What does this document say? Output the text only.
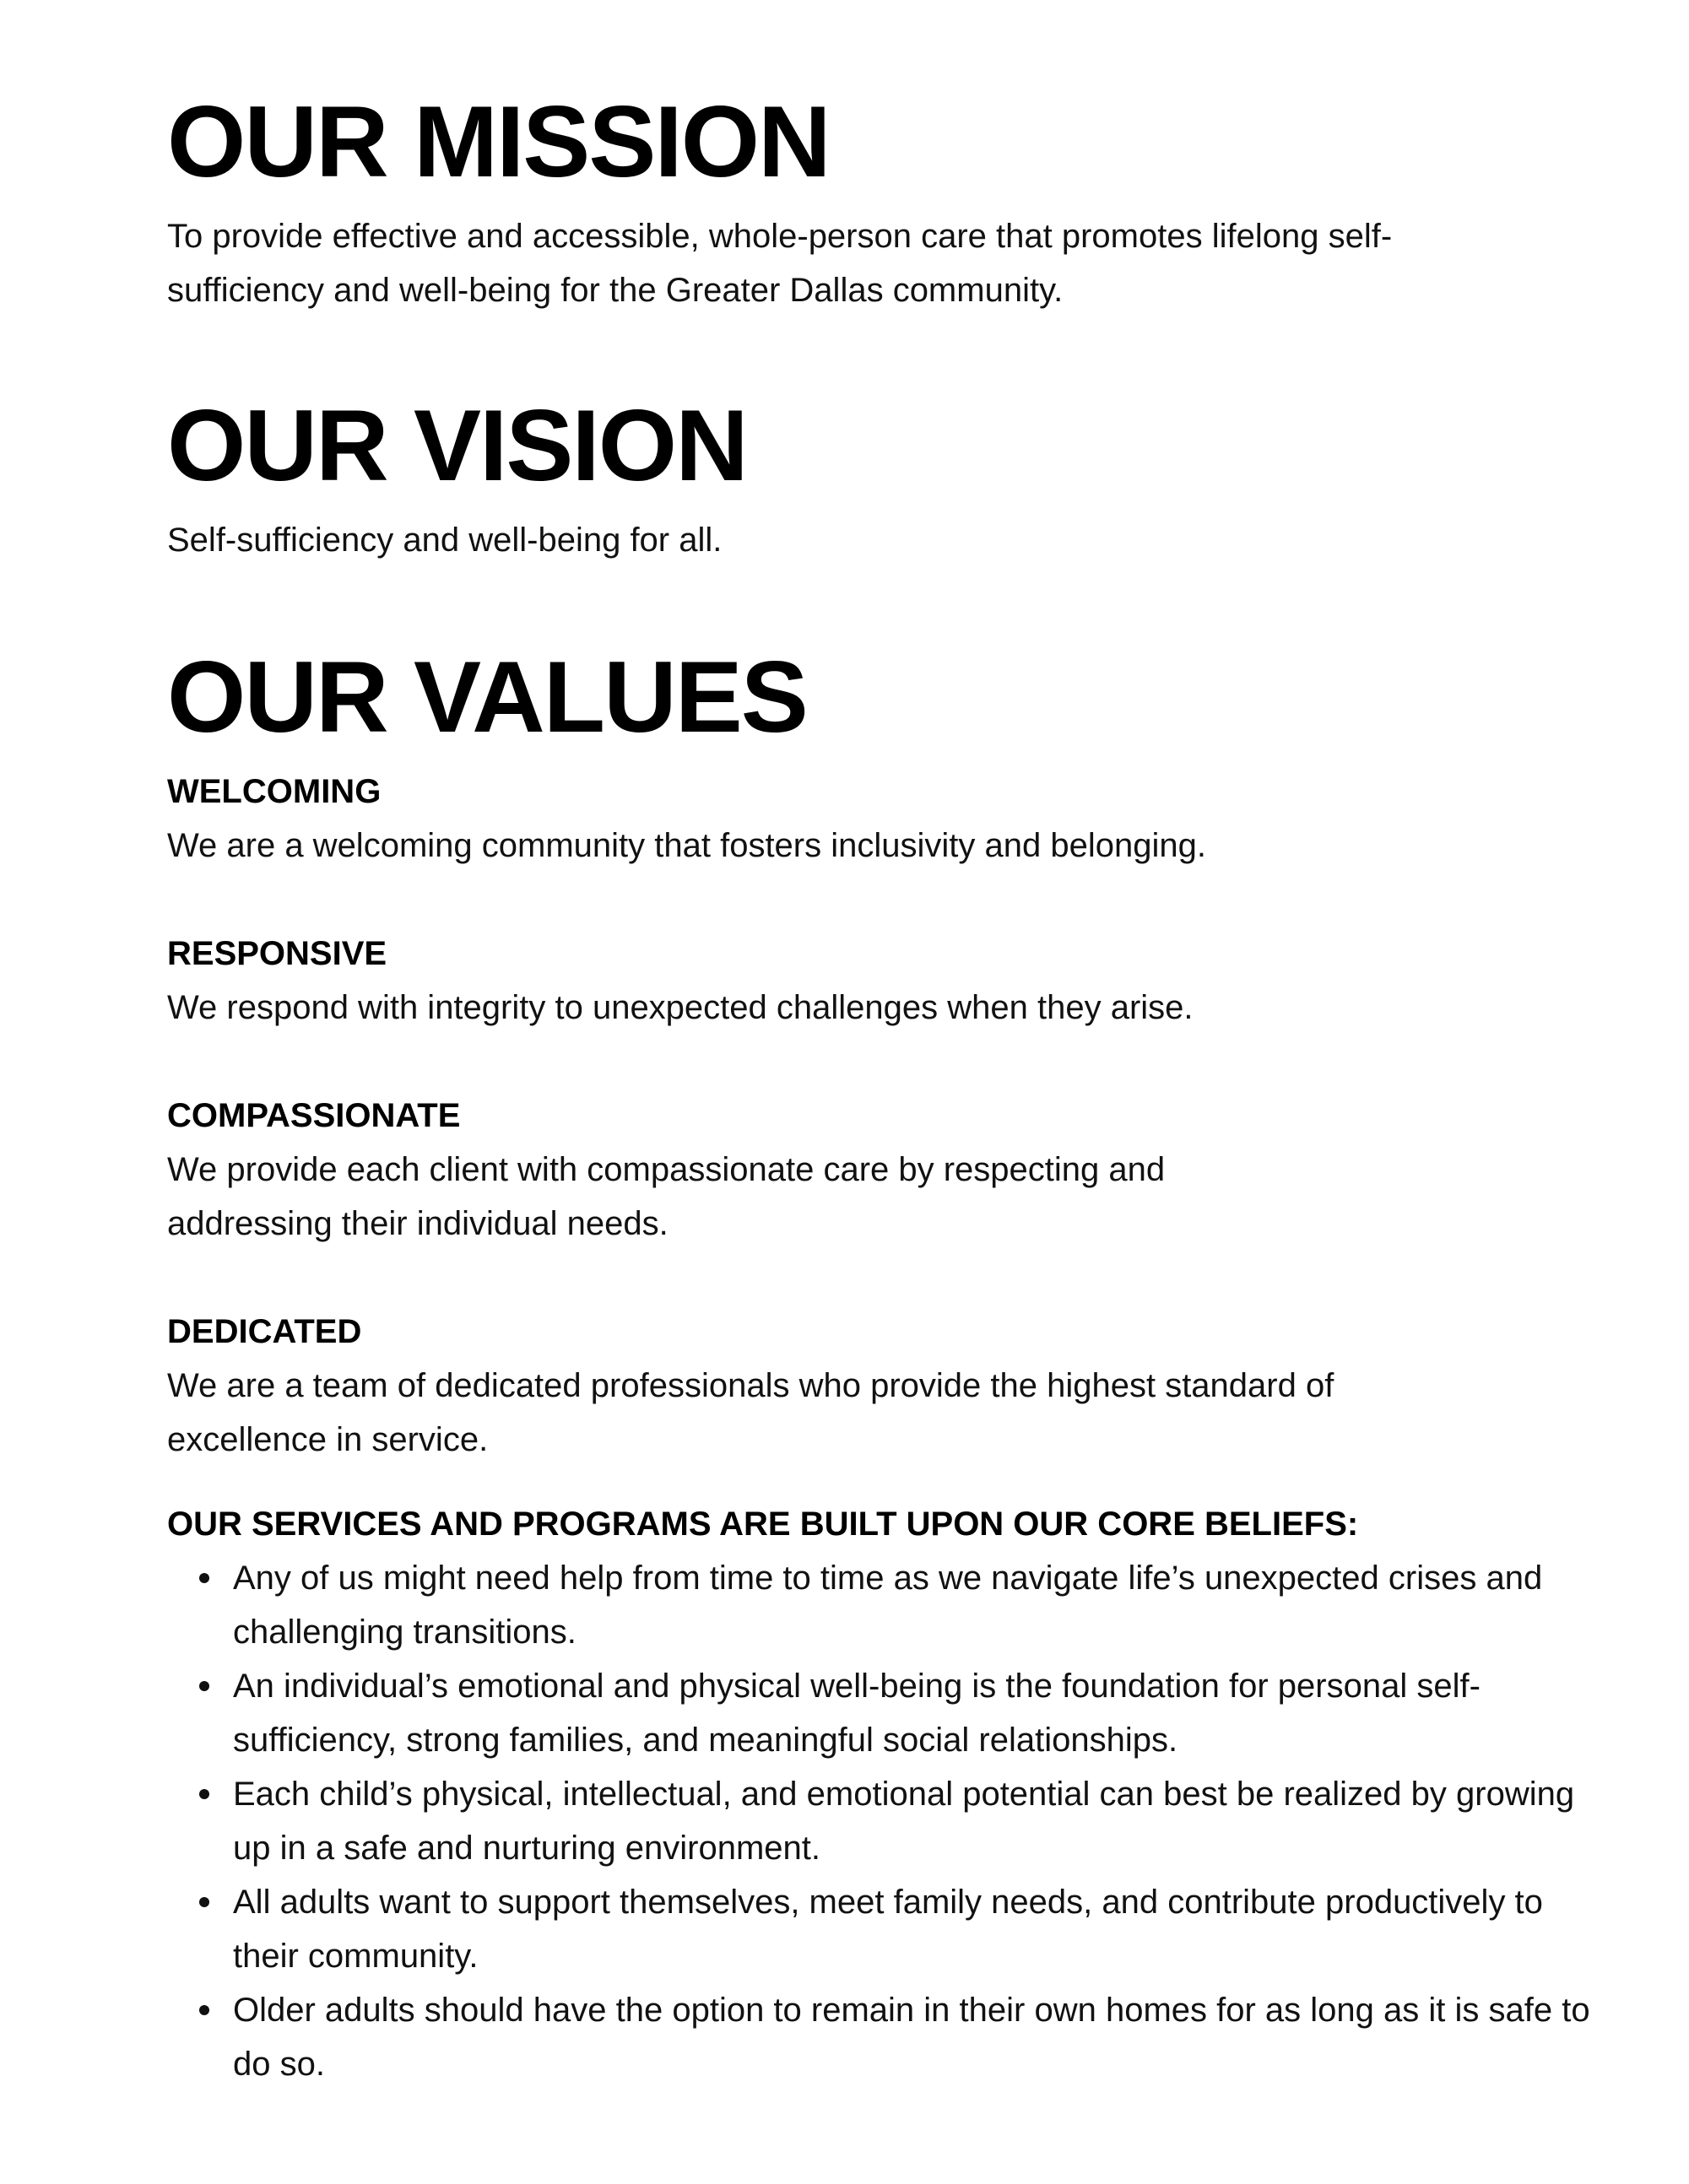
OUR MISSION

To provide effective and accessible, whole-person care that promotes lifelong self-sufficiency and well-being for the Greater Dallas community.

OUR VISION

Self-sufficiency and well-being for all.

OUR VALUES
WELCOMING

We are a welcoming community that fosters inclusivity and belonging.

RESPONSIVE

We respond with integrity to unexpected challenges when they arise.

COMPASSIONATE

We provide each client with compassionate care by respecting and addressing their individual needs.

DEDICATED

We are a team of dedicated professionals who provide the highest standard of excellence in service.

OUR SERVICES AND PROGRAMS ARE BUILT UPON OUR CORE BELIEFS:
Any of us might need help from time to time as we navigate life’s unexpected crises and challenging transitions.
An individual’s emotional and physical well-being is the foundation for personal self-sufficiency, strong families, and meaningful social relationships.
Each child’s physical, intellectual, and emotional potential can best be realized by growing up in a safe and nurturing environment.
All adults want to support themselves, meet family needs, and contribute productively to their community.
Older adults should have the option to remain in their own homes for as long as it is safe to do so.
